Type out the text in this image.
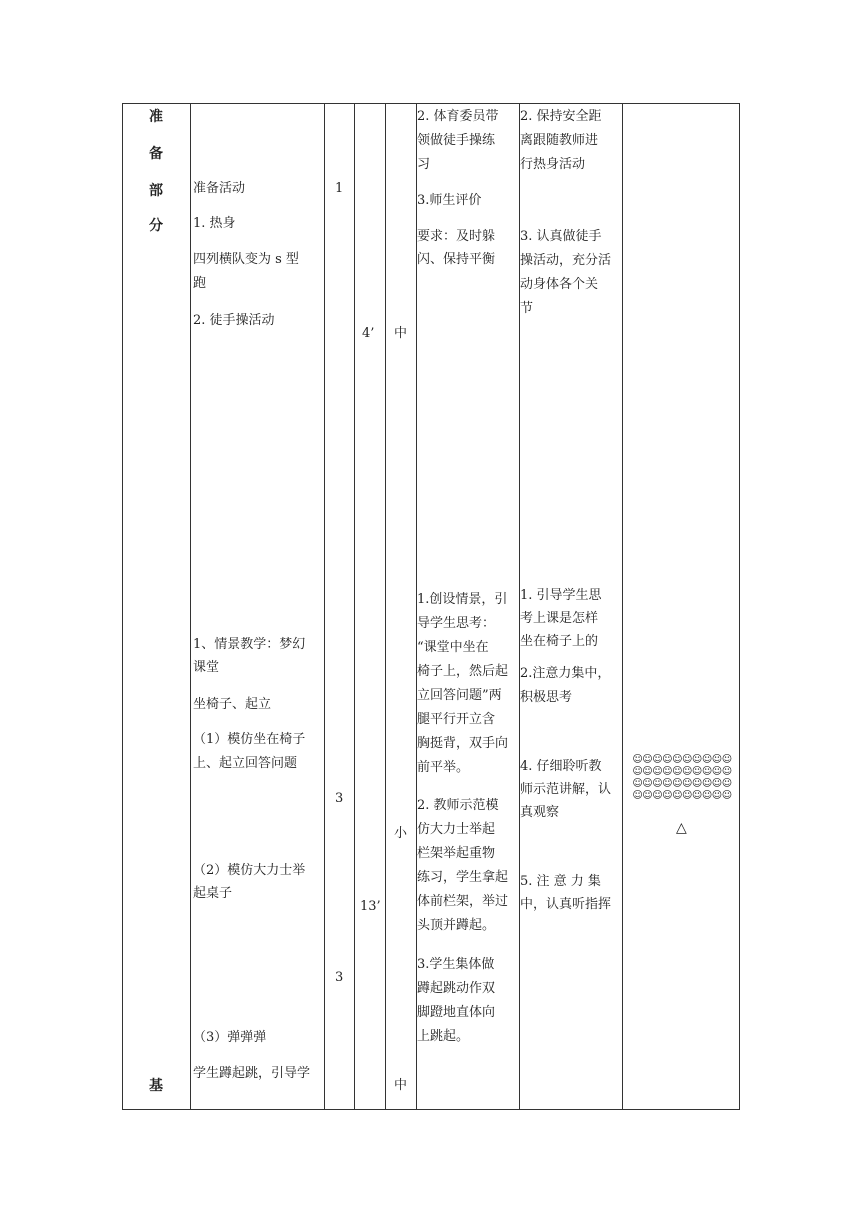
准
备
部
分
基
准备活动
1. 热身
四列横队变为 s 型
跑
2. 徒手操活动
1、情景教学：梦幻
课堂
坐椅子、起立
（1）模仿坐在椅子
上、起立回答问题
（2）模仿大力士举
起桌子
（3）弹弹弹
学生蹲起跳，引导学
1
3
3
4’
13’
中
小
中
2. 体育委员带
领做徒手操练
习
3.师生评价
要求：及时躲
闪、保持平衡
1.创设情景，引
导学生思考：
“课堂中坐在
椅子上，然后起
立回答问题”两
腿平行开立含
胸挺背，双手向
前平举。
2. 教师示范模
仿大力士举起
栏架举起重物
练习，学生拿起
体前栏架，举过
头顶并蹲起。
3.学生集体做
蹲起跳动作双
脚蹬地直体向
上跳起。
2. 保持安全距
离跟随教师进
行热身活动
3. 认真做徒手
操活动，充分活
动身体各个关
节
1. 引导学生思
考上课是怎样
坐在椅子上的
2.注意力集中，
积极思考
4. 仔细聆听教
师示范讲解，认
真观察
5. 注 意 力 集
中，认真听指挥
☺☺☺☺☺☺☺☺☺☺
☺☺☺☺☺☺☺☺☺☺
☺☺☺☺☺☺☺☺☺☺
☺☺☺☺☺☺☺☺☺☺
△
